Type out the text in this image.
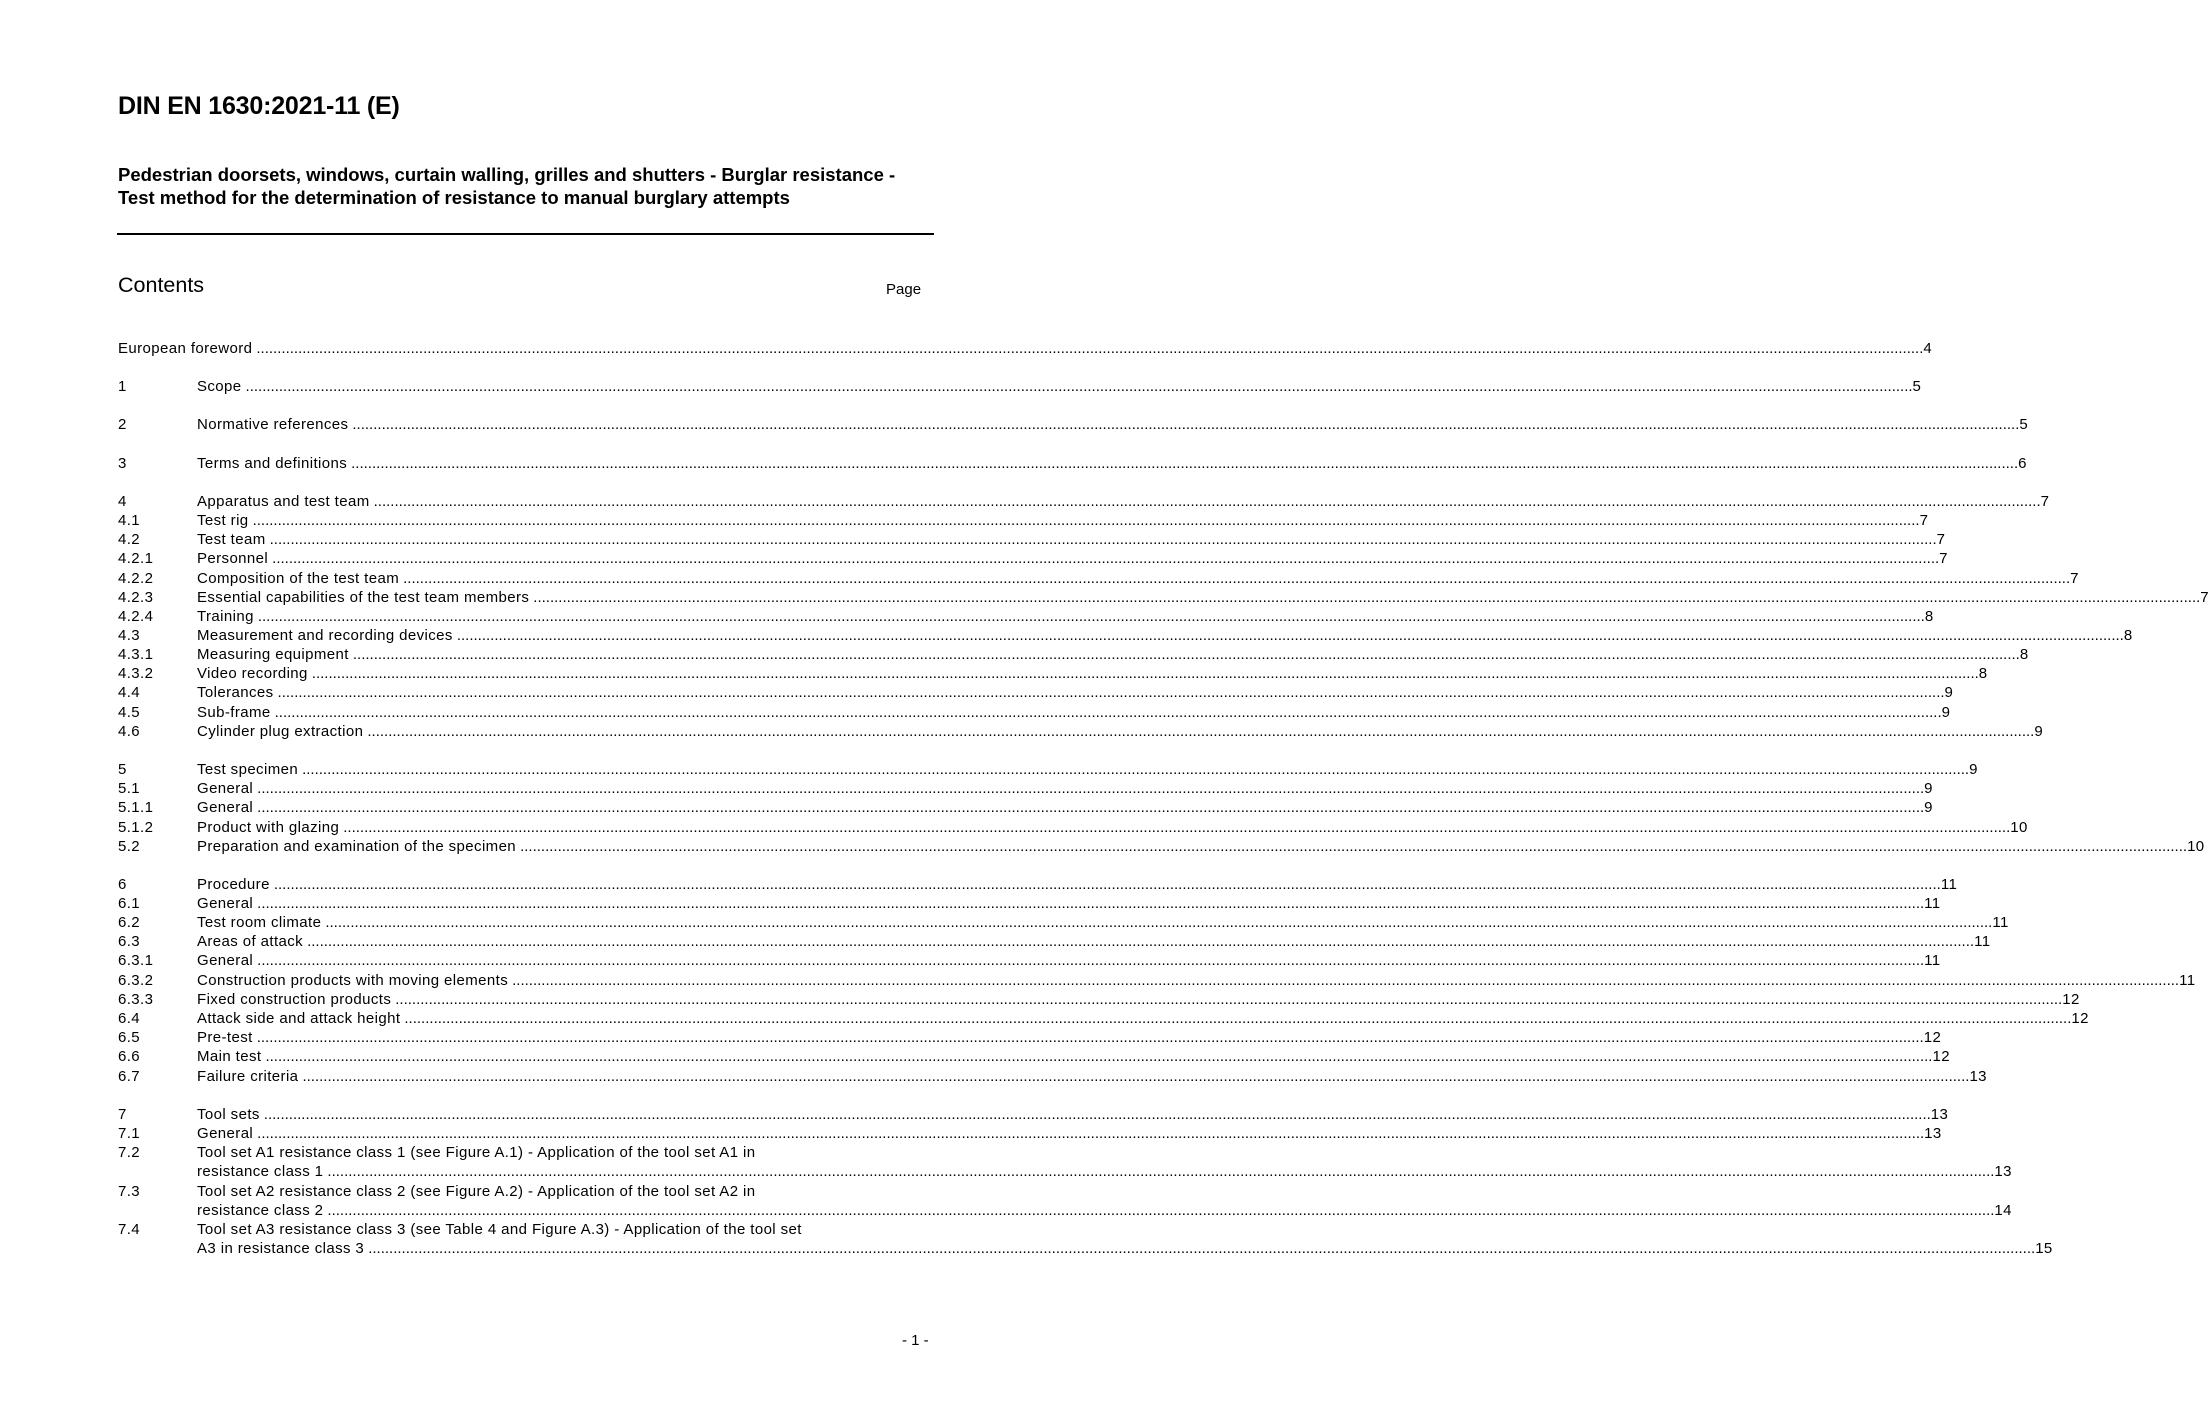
DIN EN 1630:2021-11 (E)
Pedestrian doorsets, windows, curtain walling, grilles and shutters - Burglar resistance - Test method for the determination of resistance to manual burglary attempts
Contents	Page
European foreword ................................................................................................................................................................................................................................................................................................................................................................................................................ 4
1	Scope ................................................................................................................................................................................................................................................................................................................................................................................................................ 5
2	Normative references ................................................................................................................................................................................................................................................................................................................................................................................................................ 5
3	Terms and definitions ................................................................................................................................................................................................................................................................................................................................................................................................................ 6
4	Apparatus and test team ................................................................................................................................................................................................................................................................................................................................................................................................................ 7
4.1	Test rig ................................................................................................................................................................................................................................................................................................................................................................................................................ 7
4.2	Test team ................................................................................................................................................................................................................................................................................................................................................................................................................ 7
4.2.1	Personnel ................................................................................................................................................................................................................................................................................................................................................................................................................ 7
4.2.2	Composition of the test team ................................................................................................................................................................................................................................................................................................................................................................................................................ 7
4.2.3	Essential capabilities of the test team members ................................................................................................................................................................................................................................................................................................................................................................................................................ 7
4.2.4	Training ................................................................................................................................................................................................................................................................................................................................................................................................................ 8
4.3	Measurement and recording devices ................................................................................................................................................................................................................................................................................................................................................................................................................ 8
4.3.1	Measuring equipment ................................................................................................................................................................................................................................................................................................................................................................................................................ 8
4.3.2	Video recording ................................................................................................................................................................................................................................................................................................................................................................................................................ 8
4.4	Tolerances ................................................................................................................................................................................................................................................................................................................................................................................................................ 9
4.5	Sub-frame ................................................................................................................................................................................................................................................................................................................................................................................................................ 9
4.6	Cylinder plug extraction ................................................................................................................................................................................................................................................................................................................................................................................................................ 9
5	Test specimen ................................................................................................................................................................................................................................................................................................................................................................................................................ 9
5.1	General ................................................................................................................................................................................................................................................................................................................................................................................................................ 9
5.1.1	General ................................................................................................................................................................................................................................................................................................................................................................................................................ 9
5.1.2	Product with glazing ................................................................................................................................................................................................................................................................................................................................................................................................................ 10
5.2	Preparation and examination of the specimen ................................................................................................................................................................................................................................................................................................................................................................................................................ 10
6	Procedure ................................................................................................................................................................................................................................................................................................................................................................................................................ 11
6.1	General ................................................................................................................................................................................................................................................................................................................................................................................................................ 11
6.2	Test room climate ................................................................................................................................................................................................................................................................................................................................................................................................................ 11
6.3	Areas of attack ................................................................................................................................................................................................................................................................................................................................................................................................................ 11
6.3.1	General ................................................................................................................................................................................................................................................................................................................................................................................................................ 11
6.3.2	Construction products with moving elements ................................................................................................................................................................................................................................................................................................................................................................................................................ 11
6.3.3	Fixed construction products ................................................................................................................................................................................................................................................................................................................................................................................................................ 12
6.4	Attack side and attack height ................................................................................................................................................................................................................................................................................................................................................................................................................ 12
6.5	Pre-test ................................................................................................................................................................................................................................................................................................................................................................................................................ 12
6.6	Main test ................................................................................................................................................................................................................................................................................................................................................................................................................ 12
6.7	Failure criteria ................................................................................................................................................................................................................................................................................................................................................................................................................ 13
7	Tool sets ................................................................................................................................................................................................................................................................................................................................................................................................................ 13
7.1	General ................................................................................................................................................................................................................................................................................................................................................................................................................ 13
7.2	Tool set A1 resistance class 1 (see Figure A.1) - Application of the tool set A1 in
resistance class 1 ................................................................................................................................................................................................................................................................................................................................................................................................................ 13
7.3	Tool set A2 resistance class 2 (see Figure A.2) - Application of the tool set A2 in
resistance class 2 ................................................................................................................................................................................................................................................................................................................................................................................................................ 14
7.4	Tool set A3 resistance class 3 (see Table 4 and Figure A.3) - Application of the tool set
A3 in resistance class 3 ................................................................................................................................................................................................................................................................................................................................................................................................................ 15
- 1 -
